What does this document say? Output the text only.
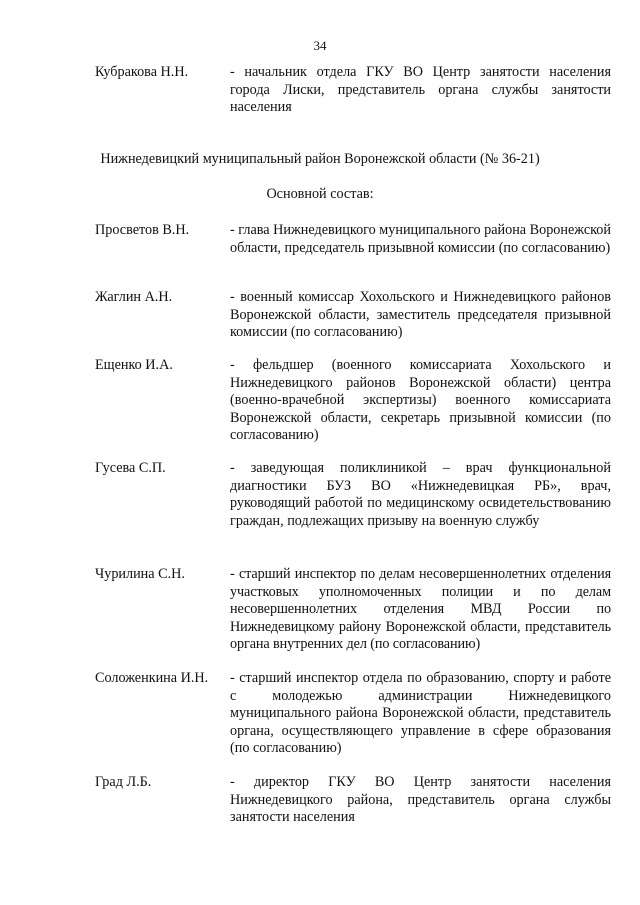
34
Кубракова Н.Н.	- начальник отдела ГКУ ВО Центр занятости населения города Лиски, представитель органа службы занятости населения
Нижнедевицкий муниципальный район Воронежской области (№ 36-21)
Основной состав:
Просветов В.Н.	- глава Нижнедевицкого муниципального района Воронежской области, председатель призывной комиссии (по согласованию)
Жаглин А.Н.	- военный комиссар Хохольского и Нижнедевицкого районов Воронежской области, заместитель председателя призывной комиссии (по согласованию)
Ещенко И.А.	- фельдшер (военного комиссариата Хохольского и Нижнедевицкого районов Воронежской области) центра (военно-врачебной экспертизы) военного комиссариата Воронежской области, секретарь призывной комиссии (по согласованию)
Гусева С.П.	- заведующая поликлиникой – врач функциональной диагностики БУЗ ВО «Нижнедевицкая РБ», врач, руководящий работой по медицинскому освидетельствованию граждан, подлежащих призыву на военную службу
Чурилина С.Н.	- старший инспектор по делам несовершеннолетних отделения участковых уполномоченных полиции и по делам несовершеннолетних отделения МВД России по Нижнедевицкому району Воронежской области, представитель органа внутренних дел (по согласованию)
Соложенкина И.Н. - старший инспектор отдела по образованию, спорту и работе с молодежью администрации Нижнедевицкого муниципального района Воронежской области, представитель органа, осуществляющего управление в сфере образования (по согласованию)
Град Л.Б.	- директор ГКУ ВО Центр занятости населения Нижнедевицкого района, представитель органа службы занятости населения
